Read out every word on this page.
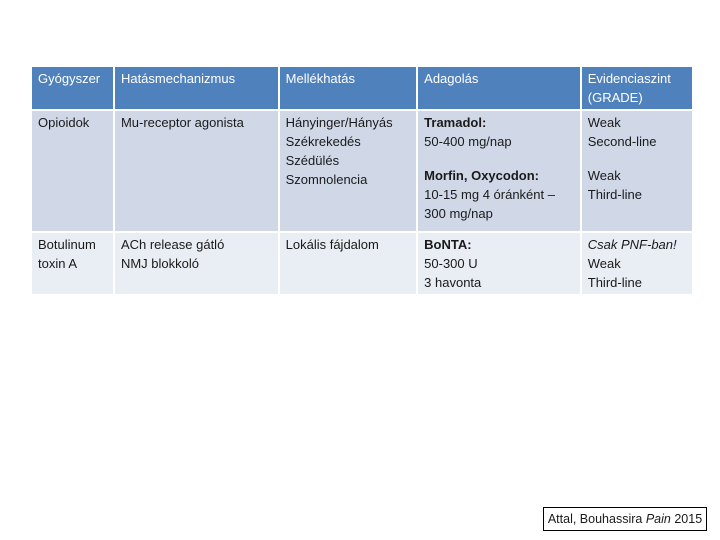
Gyógyszer	Hatásmechanizmus	Mellékhatás	Adagolás	Evidenciaszint
(GRADE)

Opioidok	Mu-receptor agonista	Hányinger/Hányás
Székrekedés
Szédülés
Szomnolencia	Tramadol:
50-400 mg/nap
Morfin, Oxycodon:
10-15 mg 4 óránként –
300 mg/nap	Weak
Second-line
Weak
Third-line

Botulinum
toxin A	ACh release gátló
NMJ blokkoló	Lokális fájdalom	BoNTA:
50-300 U
3 havonta	Csak PNF-ban!
Weak
Third-line
Attal, Bouhassira Pain 2015
